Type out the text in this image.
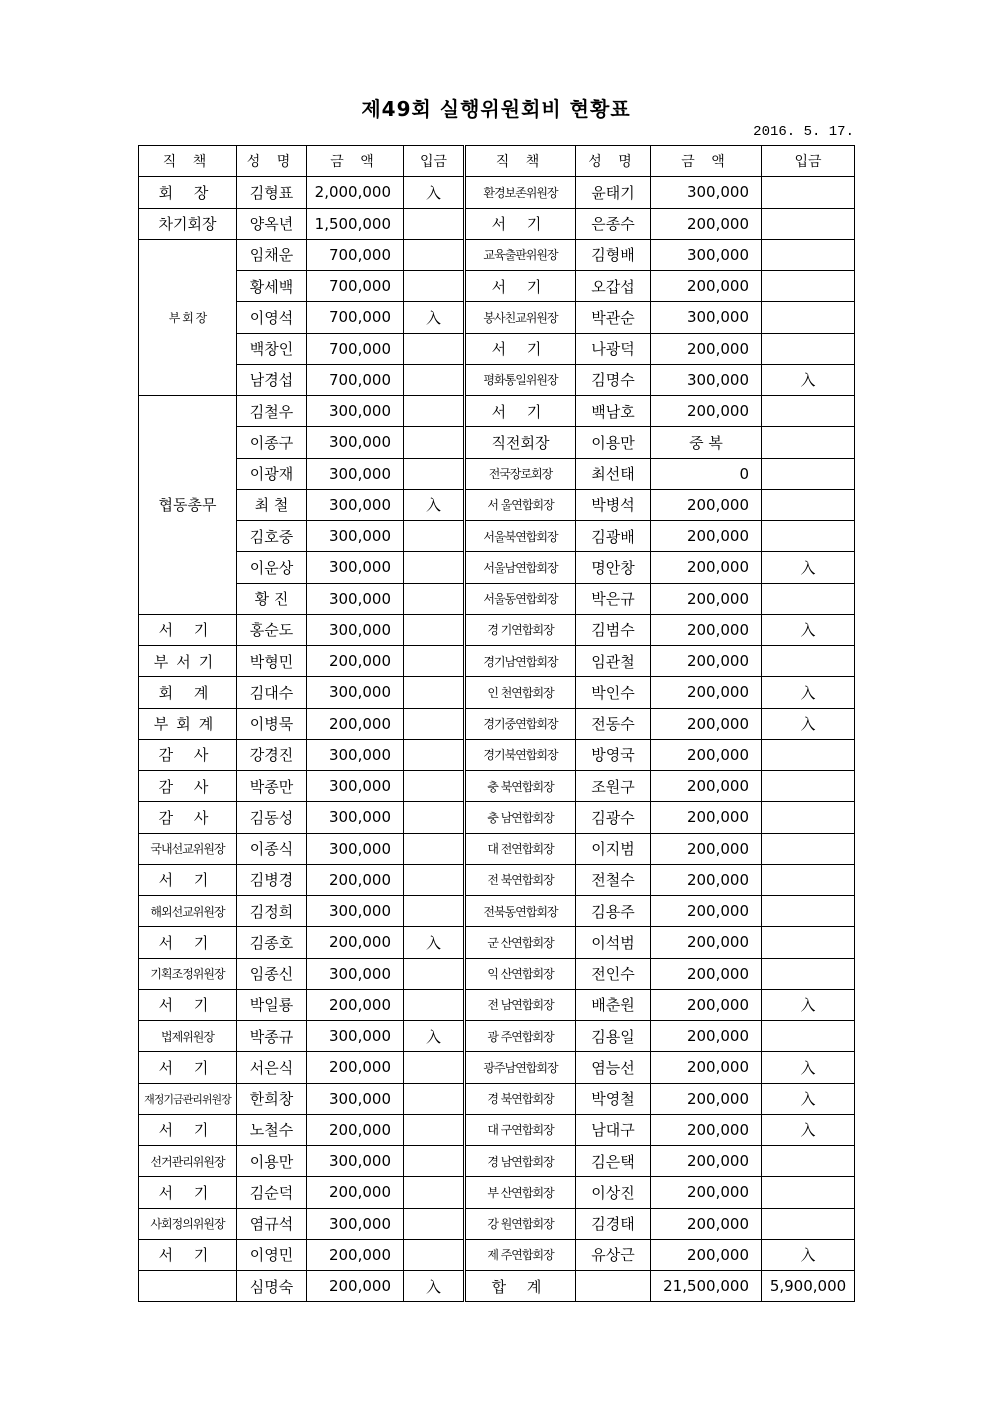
제49회 실행위원회비 현황표
2016. 5. 17.
직 책	성 명	금 액	입금	직 책	성 명	금 액	입금
회 장	김형표	2,000,000	入	환경보존위원장	윤태기	300,000	
차기회장	양옥년	1,500,000		서 기	은종수	200,000	
부 회 장	임채운	700,000		교육출판위원장	김형배	300,000	
	황세백	700,000		서 기	오갑섭	200,000	
	이영석	700,000	入	봉사친교위원장	박관순	300,000	
	백창인	700,000		서 기	나광덕	200,000	
	남경섭	700,000		평화통일위원장	김명수	300,000	入
협동총무	김철우	300,000		서 기	백남호	200,000	
	이종구	300,000		직전회장	이용만	중 복	
	이광재	300,000		전국장로회장	최선태	0	
	최 철	300,000	入	서 울연합회장	박병석	200,000	
	김호중	300,000		서울북연합회장	김광배	200,000	
	이운상	300,000		서울남연합회장	명안창	200,000	入
	황 진	300,000		서울동연합회장	박은규	200,000	
서 기	홍순도	300,000		경 기연합회장	김범수	200,000	入
부서기	박형민	200,000		경기남연합회장	임관철	200,000	
회 계	김대수	300,000		인 천연합회장	박인수	200,000	入
부회계	이병묵	200,000		경기중연합회장	전동수	200,000	入
감 사	강경진	300,000		경기북연합회장	방영국	200,000	
감 사	박종만	300,000		충 북연합회장	조원구	200,000	
감 사	김동성	300,000		충 남연합회장	김광수	200,000	
국내선교위원장	이종식	300,000		대 전연합회장	이지범	200,000	
서 기	김병경	200,000		전 북연합회장	전철수	200,000	
해외선교위원장	김정희	300,000		전북동연합회장	김용주	200,000	
서 기	김종호	200,000	入	군 산연합회장	이석범	200,000	
기획조정위원장	임종신	300,000		익 산연합회장	전인수	200,000	
서 기	박일룡	200,000		전 남연합회장	배춘원	200,000	入
법제위원장	박종규	300,000	入	광 주연합회장	김용일	200,000	
서 기	서은식	200,000		광주남연합회장	염능선	200,000	入
재정기금관리위원장	한희창	300,000		경 북연합회장	박영철	200,000	入
서 기	노철수	200,000		대 구연합회장	남대구	200,000	入
선거관리위원장	이용만	300,000		경 남연합회장	김은택	200,000	
서 기	김순덕	200,000		부 산연합회장	이상진	200,000	
사회정의위원장	염규석	300,000		강 원연합회장	김경태	200,000	
서 기	이영민	200,000		제 주연합회장	유상근	200,000	入
	심명숙	200,000	入	합 계		21,500,000	5,900,000
